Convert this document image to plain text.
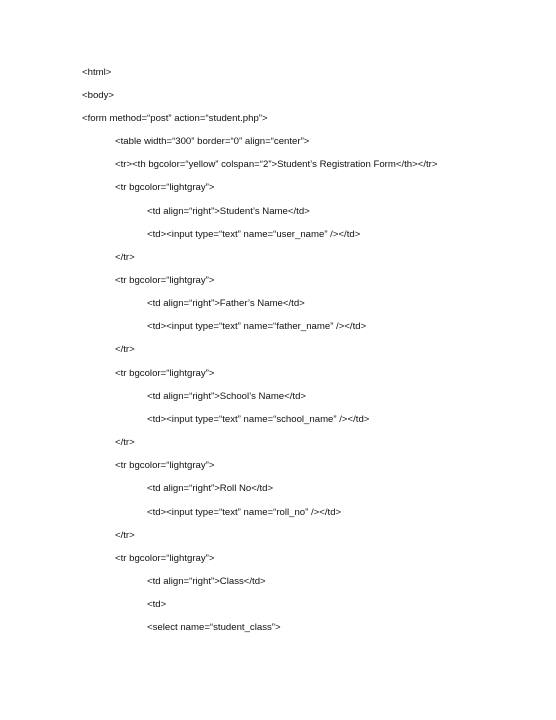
<html>
<body>
<form method=“post” action=“student.php”>
<table width=“300” border=“0” align=“center”>
<tr><th bgcolor=“yellow” colspan=“2”>Student’s Registration Form</th></tr>
<tr bgcolor=“lightgray”>
<td align=“right”>Student’s Name</td>
<td><input type=“text” name=“user_name” /></td>
</tr>
<tr bgcolor=“lightgray”>
<td align=“right”>Father’s Name</td>
<td><input type=“text” name=“father_name” /></td>
</tr>
<tr bgcolor=“lightgray”>
<td align=“right”>School’s Name</td>
<td><input type=“text” name=“school_name” /></td>
</tr>
<tr bgcolor=“lightgray”>
<td align=“right”>Roll No</td>
<td><input type=“text” name=“roll_no” /></td>
</tr>
<tr bgcolor=“lightgray”>
<td align=“right”>Class</td>
<td>
<select name=“student_class”>
